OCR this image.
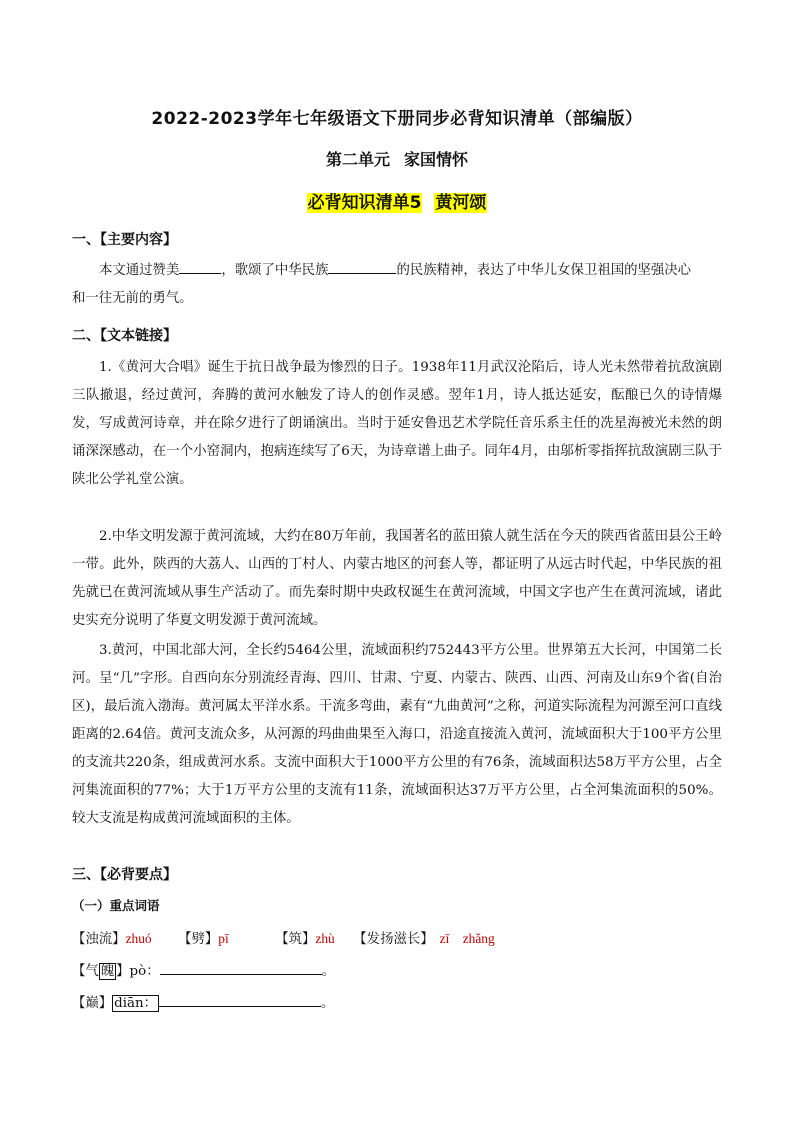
2022-2023学年七年级语文下册同步必背知识清单（部编版）
第二单元 家国情怀
必背知识清单5 黄河颂
一、【主要内容】
本文通过赞美	，歌颂了中华民族	的民族精神，表达了中华儿女保卫祖国的坚强决心
和一往无前的勇气。
二、【文本链接】
1.《黄河大合唱》诞生于抗日战争最为惨烈的日子。1938年11月武汉沦陷后，诗人光未然带着抗敌演剧三队撤退，经过黄河，奔腾的黄河水触发了诗人的创作灵感。翌年1月，诗人抵达延安，酝酿已久的诗情爆发，写成黄河诗章，并在除夕进行了朗诵演出。当时于延安鲁迅艺术学院任音乐系主任的冼星海被光未然的朗诵深深感动，在一个小窑洞内，抱病连续写了6天，为诗章谱上曲子。同年4月，由邬析零指挥抗敌演剧三队于陕北公学礼堂公演。
2.中华文明发源于黄河流域，大约在80万年前，我国著名的蓝田猿人就生活在今天的陕西省蓝田县公王岭一带。此外，陕西的大荔人、山西的丁村人、内蒙古地区的河套人等，都证明了从远古时代起，中华民族的祖先就已在黄河流域从事生产活动了。而先秦时期中央政权诞生在黄河流域，中国文字也产生在黄河流域，诸此史实充分说明了华夏文明发源于黄河流域。
3.黄河，中国北部大河，全长约5464公里，流域面积约752443平方公里。世界第五大长河，中国第二长河。呈“几”字形。自西向东分别流经青海、四川、甘肃、宁夏、内蒙古、陕西、山西、河南及山东9个省(自治区)，最后流入渤海。黄河属太平洋水系。干流多弯曲，素有“九曲黄河”之称，河道实际流程为河源至河口直线距离的2.64倍。黄河支流众多，从河源的玛曲曲果至入海口，沿途直接流入黄河，流域面积大于100平方公里的支流共220条，组成黄河水系。支流中面积大于1000平方公里的有76条，流域面积达58万平方公里，占全河集流面积的77%；大于1万平方公里的支流有11条，流域面积达37万平方公里，占全河集流面积的50%。较大支流是构成黄河流域面积的主体。
三、【必背要点】
（一）重点词语
【浊流】zhuó 【劈】pī	【筑】zhù 【发扬滋长】 zī　zhǎng
【气 魄 】pò：	。
【巅】 diān：	。
